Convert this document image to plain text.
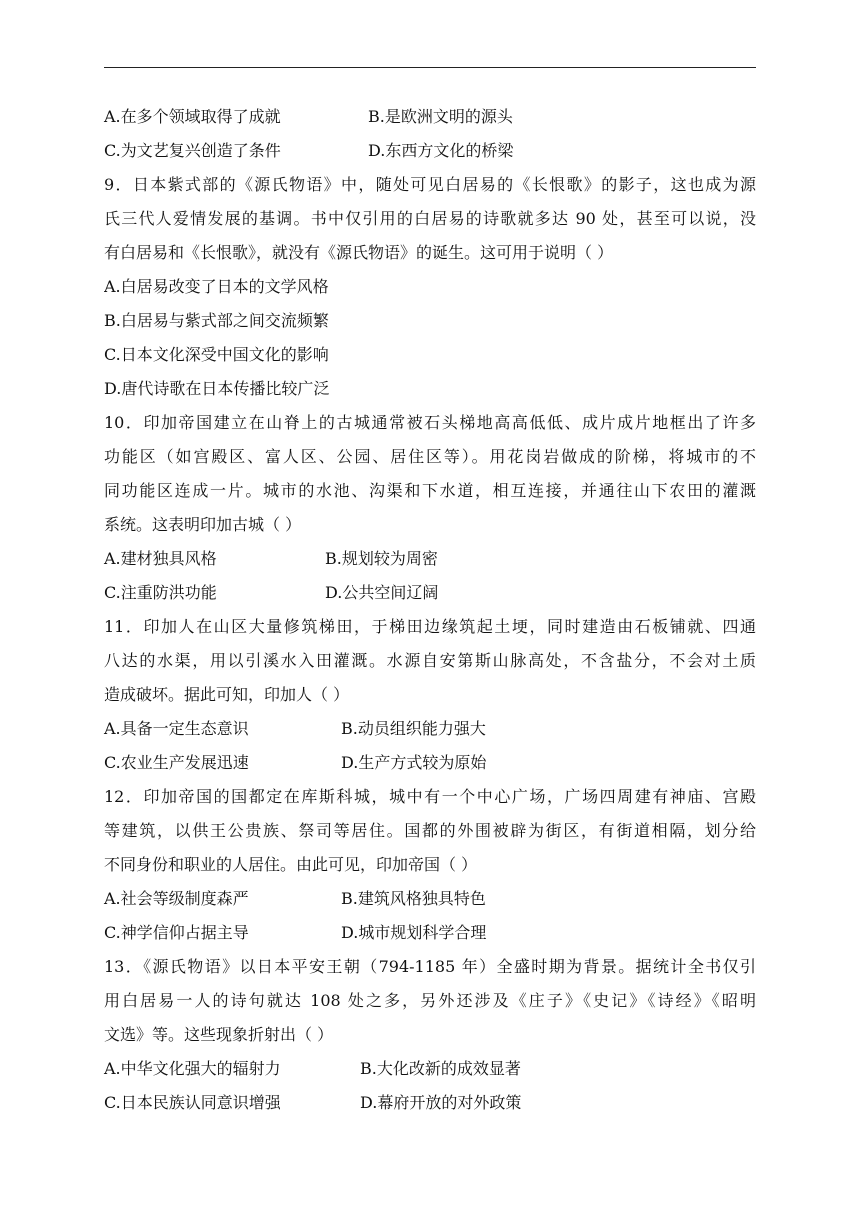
A.在多个领域取得了成就	B.是欧洲文明的源头
C.为文艺复兴创造了条件	D.东西方文化的桥梁
9．日本紫式部的《源氏物语》中，随处可见白居易的《长恨歌》的影子，这也成为源
氏三代人爱情发展的基调。书中仅引用的白居易的诗歌就多达 90 处，甚至可以说，没
有白居易和《长恨歌》，就没有《源氏物语》的诞生。这可用于说明（ ）
A.白居易改变了日本的文学风格
B.白居易与紫式部之间交流频繁
C.日本文化深受中国文化的影响
D.唐代诗歌在日本传播比较广泛
10．印加帝国建立在山脊上的古城通常被石头梯地高高低低、成片成片地框出了许多
功能区（如宫殿区、富人区、公园、居住区等）。用花岗岩做成的阶梯，将城市的不
同功能区连成一片。城市的水池、沟渠和下水道，相互连接，并通往山下农田的灌溉
系统。这表明印加古城（ ）
A.建材独具风格	B.规划较为周密
C.注重防洪功能	D.公共空间辽阔
11．印加人在山区大量修筑梯田，于梯田边缘筑起土埂，同时建造由石板铺就、四通
八达的水渠，用以引溪水入田灌溉。水源自安第斯山脉高处，不含盐分，不会对土质
造成破坏。据此可知，印加人（ ）
A.具备一定生态意识	B.动员组织能力强大
C.农业生产发展迅速	D.生产方式较为原始
12．印加帝国的国都定在库斯科城，城中有一个中心广场，广场四周建有神庙、宫殿
等建筑，以供王公贵族、祭司等居住。国都的外围被辟为街区，有街道相隔，划分给
不同身份和职业的人居住。由此可见，印加帝国（ ）
A.社会等级制度森严	B.建筑风格独具特色
C.神学信仰占据主导	D.城市规划科学合理
13．《源氏物语》以日本平安王朝（794-1185 年）全盛时期为背景。据统计全书仅引
用白居易一人的诗句就达 108 处之多，另外还涉及《庄子》《史记》《诗经》《昭明
文选》等。这些现象折射出（ ）
A.中华文化强大的辐射力	B.大化改新的成效显著
C.日本民族认同意识增强	D.幕府开放的对外政策
